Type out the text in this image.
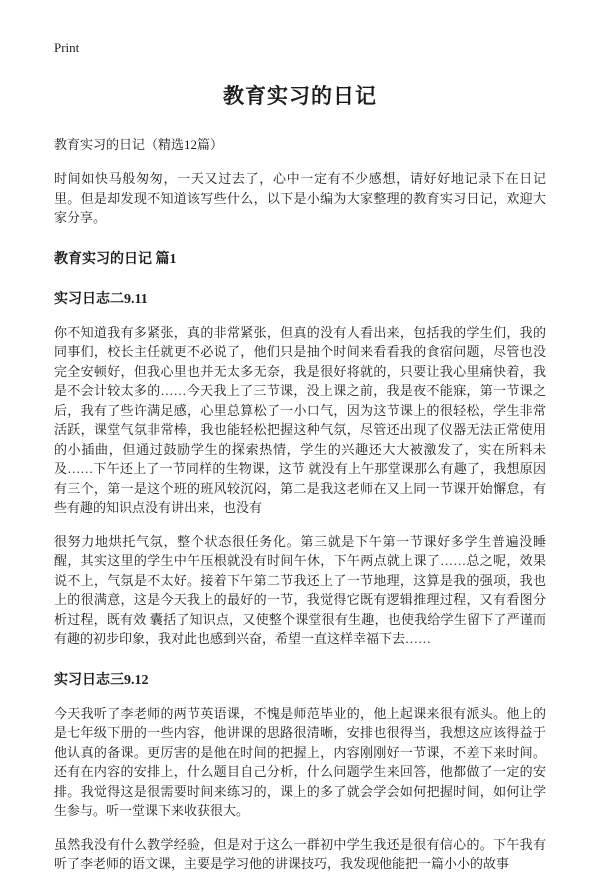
Print
教育实习的日记

教育实习的日记（精选12篇）

时间如快马般匆匆，一天又过去了，心中一定有不少感想，请好好地记录下在日记里。但是却发现不知道该写些什么，以下是小编为大家整理的教育实习日记，欢迎大家分享。

教育实习的日记 篇1
实习日志二9.11

你不知道我有多紧张，真的非常紧张，但真的没有人看出来，包括我的学生们，我的同事们，校长主任就更不必说了，他们只是抽个时间来看看我的食宿问题，尽管也没完全安顿好，但我心里也并无太多无奈，我是很好将就的，只要让我心里痛快着，我是不会计较太多的……今天我上了三节课，没上课之前，我是夜不能寐，第一节课之后，我有了些许满足感，心里总算松了一小口气，因为这节课上的很轻松，学生非常活跃，课堂气氛非常棒，我也能轻松把握这种气氛，尽管还出现了仪器无法正常使用的小插曲，但通过鼓励学生的探索热情，学生的兴趣还大大被激发了，实在所料未及……下午还上了一节同样的生物课，这节 就没有上午那堂课那么有趣了，我想原因有三个，第一是这个班的班风较沉闷，第二是我这老师在又上同一节课开始懈怠，有些有趣的知识点没有讲出来，也没有

很努力地烘托气氛，整个状态很任务化。第三就是下午第一节课好多学生普遍没睡醒，其实这里的学生中午压根就没有时间午休，下午两点就上课了……总之呢，效果说不上，气氛是不太好。接着下午第二节我还上了一节地理，这算是我的强项，我也上的很满意，这是今天我上的最好的一节，我觉得它既有逻辑推理过程，又有看图分析过程，既有效 囊括了知识点，又使整个课堂很有生趣，也使我给学生留下了严谨而有趣的初步印象，我对此也感到兴奋，希望一直这样幸福下去……

实习日志三9.12

今天我听了李老师的两节英语课，不愧是师范毕业的，他上起课来很有派头。他上的是七年级下册的一些内容，他讲课的思路很清晰，安排也很得当，我想这应该得益于他认真的备课。更厉害的是他在时间的把握上，内容刚刚好一节课，不差下来时间。还有在内容的安排上，什么题目自己分析，什么问题学生来回答，他都做了一定的安排。我觉得这是很需要时间来练习的，课上的多了就会学会如何把握时间，如何让学生参与。听一堂课下来收获很大。

虽然我没有什么教学经验，但是对于这么一群初中学生我还是很有信心的。下午我有听了李老师的语文课，主要是学习他的讲课技巧，我发现他能把一篇小小的故事
